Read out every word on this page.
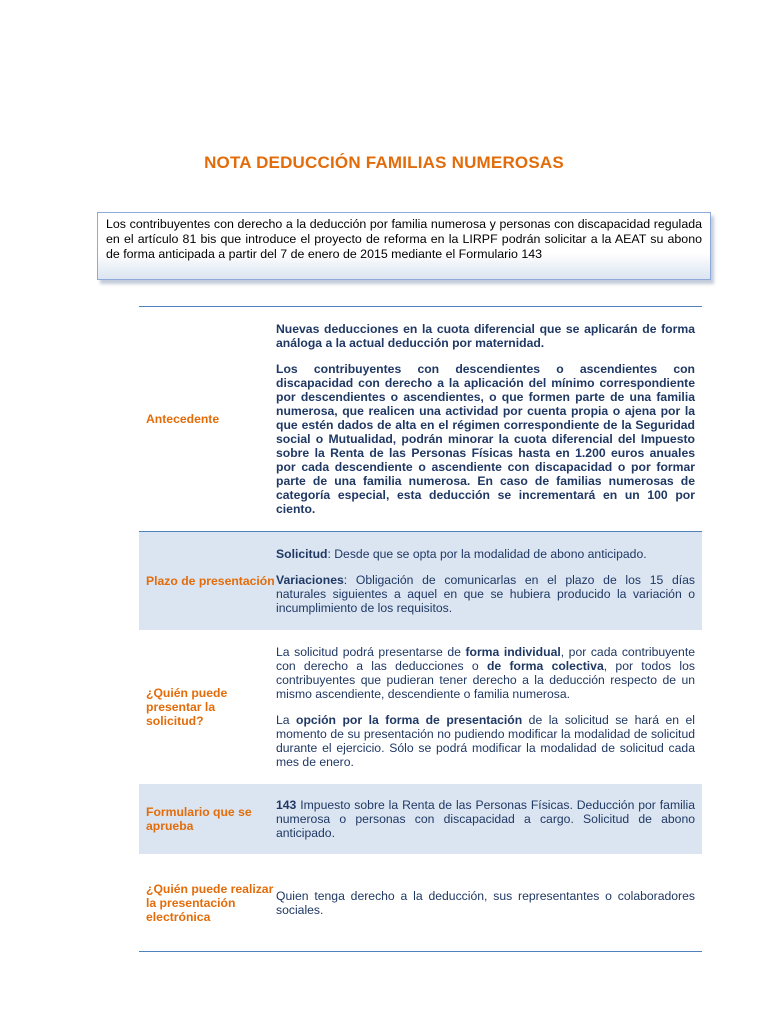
NOTA DEDUCCIÓN FAMILIAS NUMEROSAS
Los contribuyentes con derecho a la deducción por familia numerosa y personas con discapacidad regulada en el artículo 81 bis que introduce el proyecto de reforma en la LIRPF podrán solicitar a la AEAT su abono de forma anticipada a partir del 7 de enero de 2015 mediante el Formulario 143
Antecedente

Nuevas deducciones en la cuota diferencial que se aplicarán de forma análoga a la actual deducción por maternidad.

Los contribuyentes con descendientes o ascendientes con discapacidad con derecho a la aplicación del mínimo correspondiente por descendientes o ascendientes, o que formen parte de una familia numerosa, que realicen una actividad por cuenta propia o ajena por la que estén dados de alta en el régimen correspondiente de la Seguridad social o Mutualidad, podrán minorar la cuota diferencial del Impuesto sobre la Renta de las Personas Físicas hasta en 1.200 euros anuales por cada descendiente o ascendiente con discapacidad o por formar parte de una familia numerosa. En caso de familias numerosas de categoría especial, esta deducción se incrementará en un 100 por ciento.

Plazo de presentación

Solicitud: Desde que se opta por la modalidad de abono anticipado.

Variaciones: Obligación de comunicarlas en el plazo de los 15 días naturales siguientes a aquel en que se hubiera producido la variación o incumplimiento de los requisitos.

¿Quién puede presentar la solicitud?

La solicitud podrá presentarse de forma individual, por cada contribuyente con derecho a las deducciones o de forma colectiva, por todos los contribuyentes que pudieran tener derecho a la deducción respecto de un mismo ascendiente, descendiente o familia numerosa.

La opción por la forma de presentación de la solicitud se hará en el momento de su presentación no pudiendo modificar la modalidad de solicitud durante el ejercicio. Sólo se podrá modificar la modalidad de solicitud cada mes de enero.

Formulario que se aprueba

143 Impuesto sobre la Renta de las Personas Físicas. Deducción por familia numerosa o personas con discapacidad a cargo. Solicitud de abono anticipado.

¿Quién puede realizar la presentación electrónica

Quien tenga derecho a la deducción, sus representantes o colaboradores sociales.
